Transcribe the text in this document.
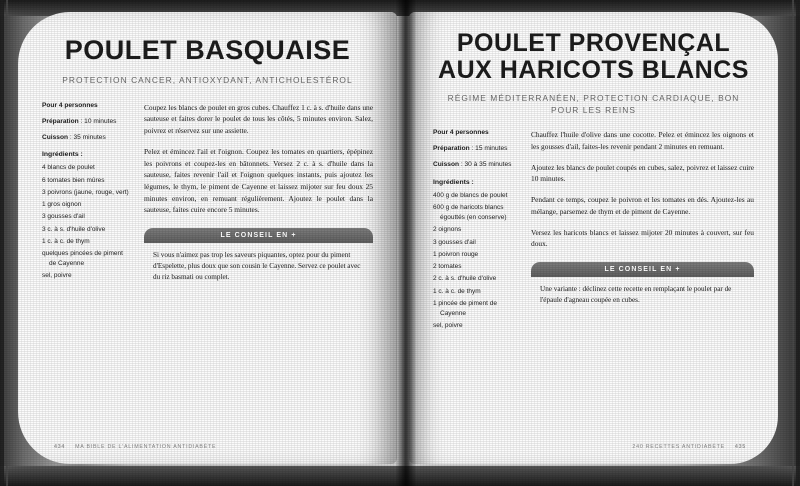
POULET BASQUAISE
PROTECTION CANCER, ANTIOXYDANT, ANTICHOLESTÉROL
Pour 4 personnes
Préparation : 10 minutes
Cuisson : 35 minutes
Ingrédients :
4 blancs de poulet
6 tomates bien mûres
3 poivrons (jaune, rouge, vert)
1 gros oignon
3 gousses d'ail
3 c. à s. d'huile d'olive
1 c. à c. de thym
quelques pincées de piment de Cayenne
sel, poivre

Coupez les blancs de poulet en gros cubes. Chauffez 1 c. à s. d'huile dans une sauteuse et faites dorer le poulet de tous les côtés, 5 minutes environ. Salez, poivrez et réservez sur une assiette.

Pelez et émincez l'ail et l'oignon. Coupez les tomates en quartiers, épépinez les poivrons et coupez-les en bâtonnets. Versez 2 c. à s. d'huile dans la sauteuse, faites revenir l'ail et l'oignon quelques instants, puis ajoutez les légumes, le thym, le piment de Cayenne et laissez mijoter sur feu doux 25 minutes environ, en remuant régulièrement. Ajoutez le poulet dans la sauteuse, faites cuire encore 5 minutes.

LE CONSEIL EN +
Si vous n'aimez pas trop les saveurs piquantes, optez pour du piment d'Espelette, plus doux que son cousin le Cayenne. Servez ce poulet avec du riz basmati ou complet.
434 MA BIBLE DE L'ALIMENTATION ANTIDIABÈTE
POULET PROVENÇAL
AUX HARICOTS BLANCS
RÉGIME MÉDITERRANÉEN, PROTECTION CARDIAQUE, BON POUR LES REINS
Pour 4 personnes
Préparation : 15 minutes
Cuisson : 30 à 35 minutes
Ingrédients :
400 g de blancs de poulet
600 g de haricots blancs égouttés (en conserve)
2 oignons
3 gousses d'ail
1 poivron rouge
2 tomates
2 c. à s. d'huile d'olive
1 c. à c. de thym
1 pincée de piment de Cayenne
sel, poivre

Chauffez l'huile d'olive dans une cocotte. Pelez et émincez les oignons et les gousses d'ail, faites-les revenir pendant 2 minutes en remuant.

Ajoutez les blancs de poulet coupés en cubes, salez, poivrez et laissez cuire 10 minutes.

Pendant ce temps, coupez le poivron et les tomates en dés. Ajoutez-les au mélange, parsemez de thym et de piment de Cayenne.

Versez les haricots blancs et laissez mijoter 20 minutes à couvert, sur feu doux.

LE CONSEIL EN +
Une variante : déclinez cette recette en remplaçant le poulet par de l'épaule d'agneau coupée en cubes.
240 RECETTES ANTIDIABÈTE 435
